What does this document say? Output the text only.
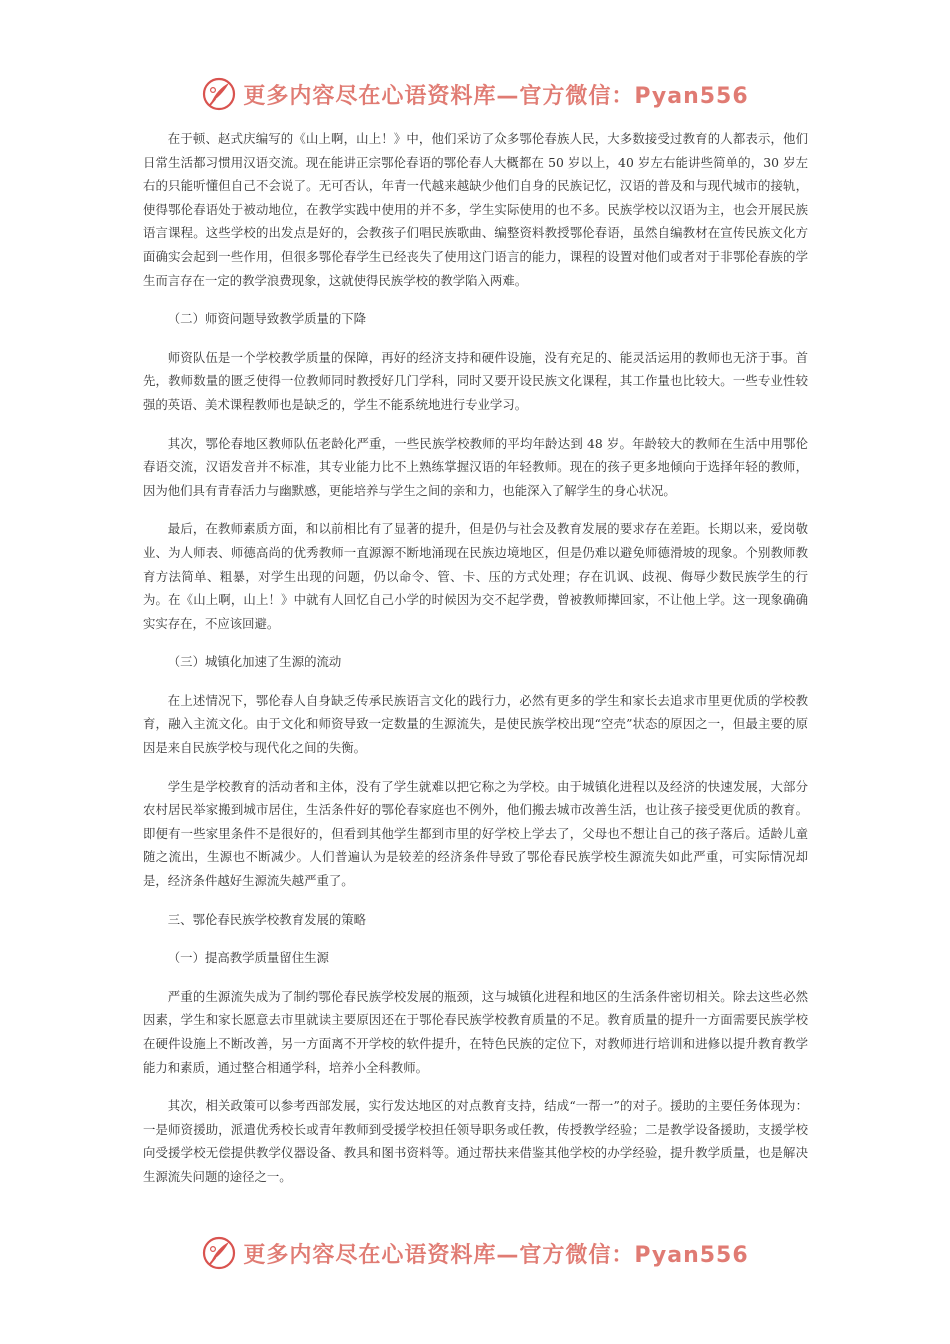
更多内容尽在心语资料库—官方微信：Pyan556

在于顿、赵式庆编写的《山上啊，山上！》中，他们采访了众多鄂伦春族人民，大多数接受过教育的人都表示，他们日常生活都习惯用汉语交流。现在能讲正宗鄂伦春语的鄂伦春人大概都在 50 岁以上，40 岁左右能讲些简单的，30 岁左右的只能听懂但自己不会说了。无可否认，年青一代越来越缺少他们自身的民族记忆，汉语的普及和与现代城市的接轨，使得鄂伦春语处于被动地位，在教学实践中使用的并不多，学生实际使用的也不多。民族学校以汉语为主，也会开展民族语言课程。这些学校的出发点是好的，会教孩子们唱民族歌曲、编整资料教授鄂伦春语，虽然自编教材在宣传民族文化方面确实会起到一些作用，但很多鄂伦春学生已经丧失了使用这门语言的能力，课程的设置对他们或者对于非鄂伦春族的学生而言存在一定的教学浪费现象，这就使得民族学校的教学陷入两难。

（二）师资问题导致教学质量的下降

师资队伍是一个学校教学质量的保障，再好的经济支持和硬件设施，没有充足的、能灵活运用的教师也无济于事。首先，教师数量的匮乏使得一位教师同时教授好几门学科，同时又要开设民族文化课程，其工作量也比较大。一些专业性较强的英语、美术课程教师也是缺乏的，学生不能系统地进行专业学习。

其次，鄂伦春地区教师队伍老龄化严重，一些民族学校教师的平均年龄达到 48 岁。年龄较大的教师在生活中用鄂伦春语交流，汉语发音并不标准，其专业能力比不上熟练掌握汉语的年轻教师。现在的孩子更多地倾向于选择年轻的教师，因为他们具有青春活力与幽默感，更能培养与学生之间的亲和力，也能深入了解学生的身心状况。

最后，在教师素质方面，和以前相比有了显著的提升，但是仍与社会及教育发展的要求存在差距。长期以来，爱岗敬业、为人师表、师德高尚的优秀教师一直源源不断地涌现在民族边境地区，但是仍难以避免师德滑坡的现象。个别教师教育方法简单、粗暴，对学生出现的问题，仍以命令、管、卡、压的方式处理；存在讥讽、歧视、侮辱少数民族学生的行为。在《山上啊，山上！》中就有人回忆自己小学的时候因为交不起学费，曾被教师撵回家，不让他上学。这一现象确确实实存在，不应该回避。

（三）城镇化加速了生源的流动

在上述情况下，鄂伦春人自身缺乏传承民族语言文化的践行力，必然有更多的学生和家长去追求市里更优质的学校教育，融入主流文化。由于文化和师资导致一定数量的生源流失，是使民族学校出现“空壳”状态的原因之一，但最主要的原因是来自民族学校与现代化之间的失衡。

学生是学校教育的活动者和主体，没有了学生就难以把它称之为学校。由于城镇化进程以及经济的快速发展，大部分农村居民举家搬到城市居住，生活条件好的鄂伦春家庭也不例外，他们搬去城市改善生活，也让孩子接受更优质的教育。即便有一些家里条件不是很好的，但看到其他学生都到市里的好学校上学去了，父母也不想让自己的孩子落后。适龄儿童随之流出，生源也不断减少。人们普遍认为是较差的经济条件导致了鄂伦春民族学校生源流失如此严重，可实际情况却是，经济条件越好生源流失越严重了。

三、鄂伦春民族学校教育发展的策略
（一）提高教学质量留住生源

严重的生源流失成为了制约鄂伦春民族学校发展的瓶颈，这与城镇化进程和地区的生活条件密切相关。除去这些必然因素，学生和家长愿意去市里就读主要原因还在于鄂伦春民族学校教育质量的不足。教育质量的提升一方面需要民族学校在硬件设施上不断改善，另一方面离不开学校的软件提升，在特色民族的定位下，对教师进行培训和进修以提升教育教学能力和素质，通过整合相通学科，培养小全科教师。

其次，相关政策可以参考西部发展，实行发达地区的对点教育支持，结成“一帮一”的对子。援助的主要任务体现为：一是师资援助，派遣优秀校长或青年教师到受援学校担任领导职务或任教，传授教学经验；二是教学设备援助，支援学校向受援学校无偿提供教学仪器设备、教具和图书资料等。通过帮扶来借鉴其他学校的办学经验，提升教学质量，也是解决生源流失问题的途径之一。

更多内容尽在心语资料库—官方微信：Pyan556
